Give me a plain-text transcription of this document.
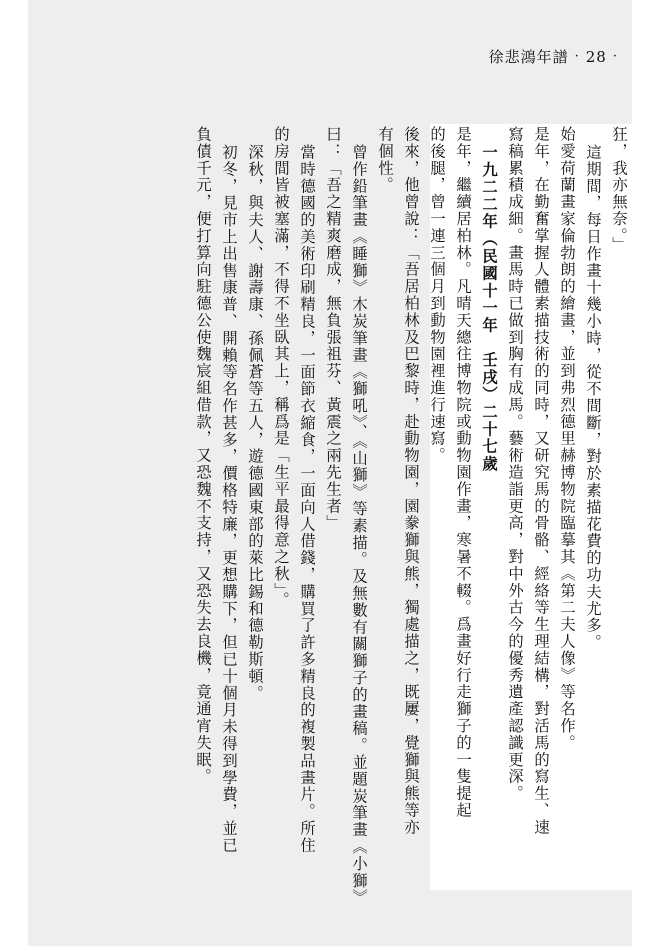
徐悲鴻年譜 · 28 ·
狂，我亦無奈。」
這期間，每日作畫十幾小時，從不間斷，對於素描花費的功夫尤多。
始愛荷蘭畫家倫勃朗的繪畫，並到弗烈德里赫博物院臨摹其《第二夫人像》等名作。
是年，在勤奮掌握人體素描技術的同時，又研究馬的骨骼、經絡等生理結構，對活馬的寫生、速
寫稿累積成細。畫馬時已做到胸有成馬。藝術造詣更高，對中外古今的優秀遺產認識更深。
一九二二年（民國十一年　壬戌）二十七歲
是年，繼續居柏林。凡晴天總往博物院或動物園作畫，寒暑不輟。爲畫好行走獅子的一隻提起
的後腿，曾一連三個月到動物園裡進行速寫。
後來，他曾說：「吾居柏林及巴黎時，赴動物園，園豢獅與熊，獨處描之，既屢，覺獅與熊等亦
有個性。
曾作鉛筆畫《睡獅》木炭筆畫《獅吼》、《山獅》等素描。及無數有關獅子的畫稿。並題炭筆畫《小獅》
曰：「吾之精爽磨成，無負張祖芬、黃震之兩先生者」
當時德國的美術印刷精良，一面節衣縮食，一面向人借錢，購買了許多精良的複製品畫片。所住
的房間皆被塞滿，不得不坐臥其上，稱爲是「生平最得意之秋」。
深秋，與夫人、謝壽康、孫佩蒼等五人，遊德國東部的萊比錫和德勒斯頓。
初冬，見市上出售康普、開賴等名作甚多，價格特廉，更想購下，但已十個月未得到學費，並已
負債千元，便打算向駐德公使魏宸組借款，又恐魏不支持，又恐失去良機，竟通宵失眠。
